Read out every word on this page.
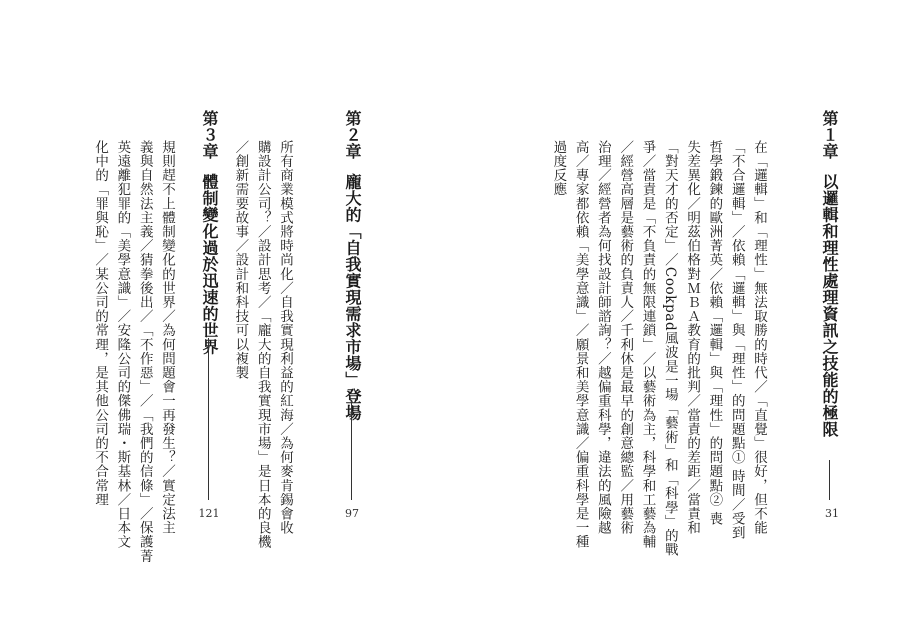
第１章以邏輯和理性處理資訊之技能的極限
31
在「邏輯」和「理性」無法取勝的時代／「直覺」很好，但不能
「不合邏輯」／依賴「邏輯」與「理性」的問題點① 時間／受到
哲學鍛鍊的歐洲菁英／依賴「邏輯」與「理性」的問題點② 喪
失差異化／明茲伯格對ＭＢＡ教育的批判／當責的差距／當責和
「對天才的否定」／Cookpad風波是一場「藝術」和「科學」的戰
爭／當責是「不負責的無限連鎖」／以藝術為主，科學和工藝為輔
／經營高層是藝術的負責人／千利休是最早的創意總監／用藝術
治理／經營者為何找設計師諮詢？／越偏重科學，違法的風險越
高／專家都依賴「美學意識」／願景和美學意識／偏重科學是一種
過度反應
第２章龐大的「自我實現需求市場」登場
97
所有商業模式將時尚化／自我實現利益的紅海／為何麥肯錫會收
購設計公司？／設計思考／「龐大的自我實現市場」是日本的良機
／創新需要故事／設計和科技可以複製
第３章體制變化過於迅速的世界
121
規則趕不上體制變化的世界／為何問題會一再發生？／實定法主
義與自然法主義／猜拳後出／「不作惡」／「我們的信條」／保護菁
英遠離犯罪的「美學意識」／安隆公司的傑佛瑞・斯基林／日本文
化中的「罪與恥」／某公司的常理，是其他公司的不合常理
